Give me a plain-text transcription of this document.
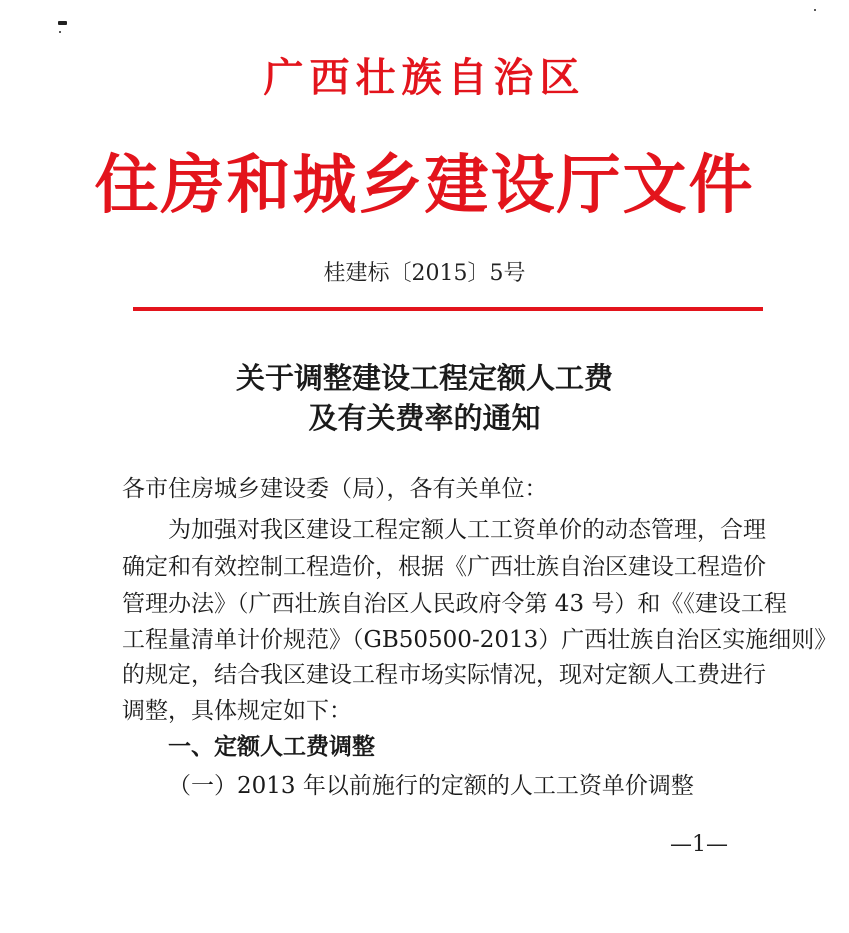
广西壮族自治区
住房和城乡建设厅文件
桂建标〔2015〕5号
关于调整建设工程定额人工费
及有关费率的通知
各市住房城乡建设委（局），各有关单位：
为加强对我区建设工程定额人工工资单价的动态管理，合理
确定和有效控制工程造价，根据《广西壮族自治区建设工程造价
管理办法》（广西壮族自治区人民政府令第 43 号）和《《建设工程
工程量清单计价规范》（GB50500-2013）广西壮族自治区实施细则》
的规定，结合我区建设工程市场实际情况，现对定额人工费进行
调整，具体规定如下：
一、定额人工费调整
（一）2013 年以前施行的定额的人工工资单价调整
—1—
